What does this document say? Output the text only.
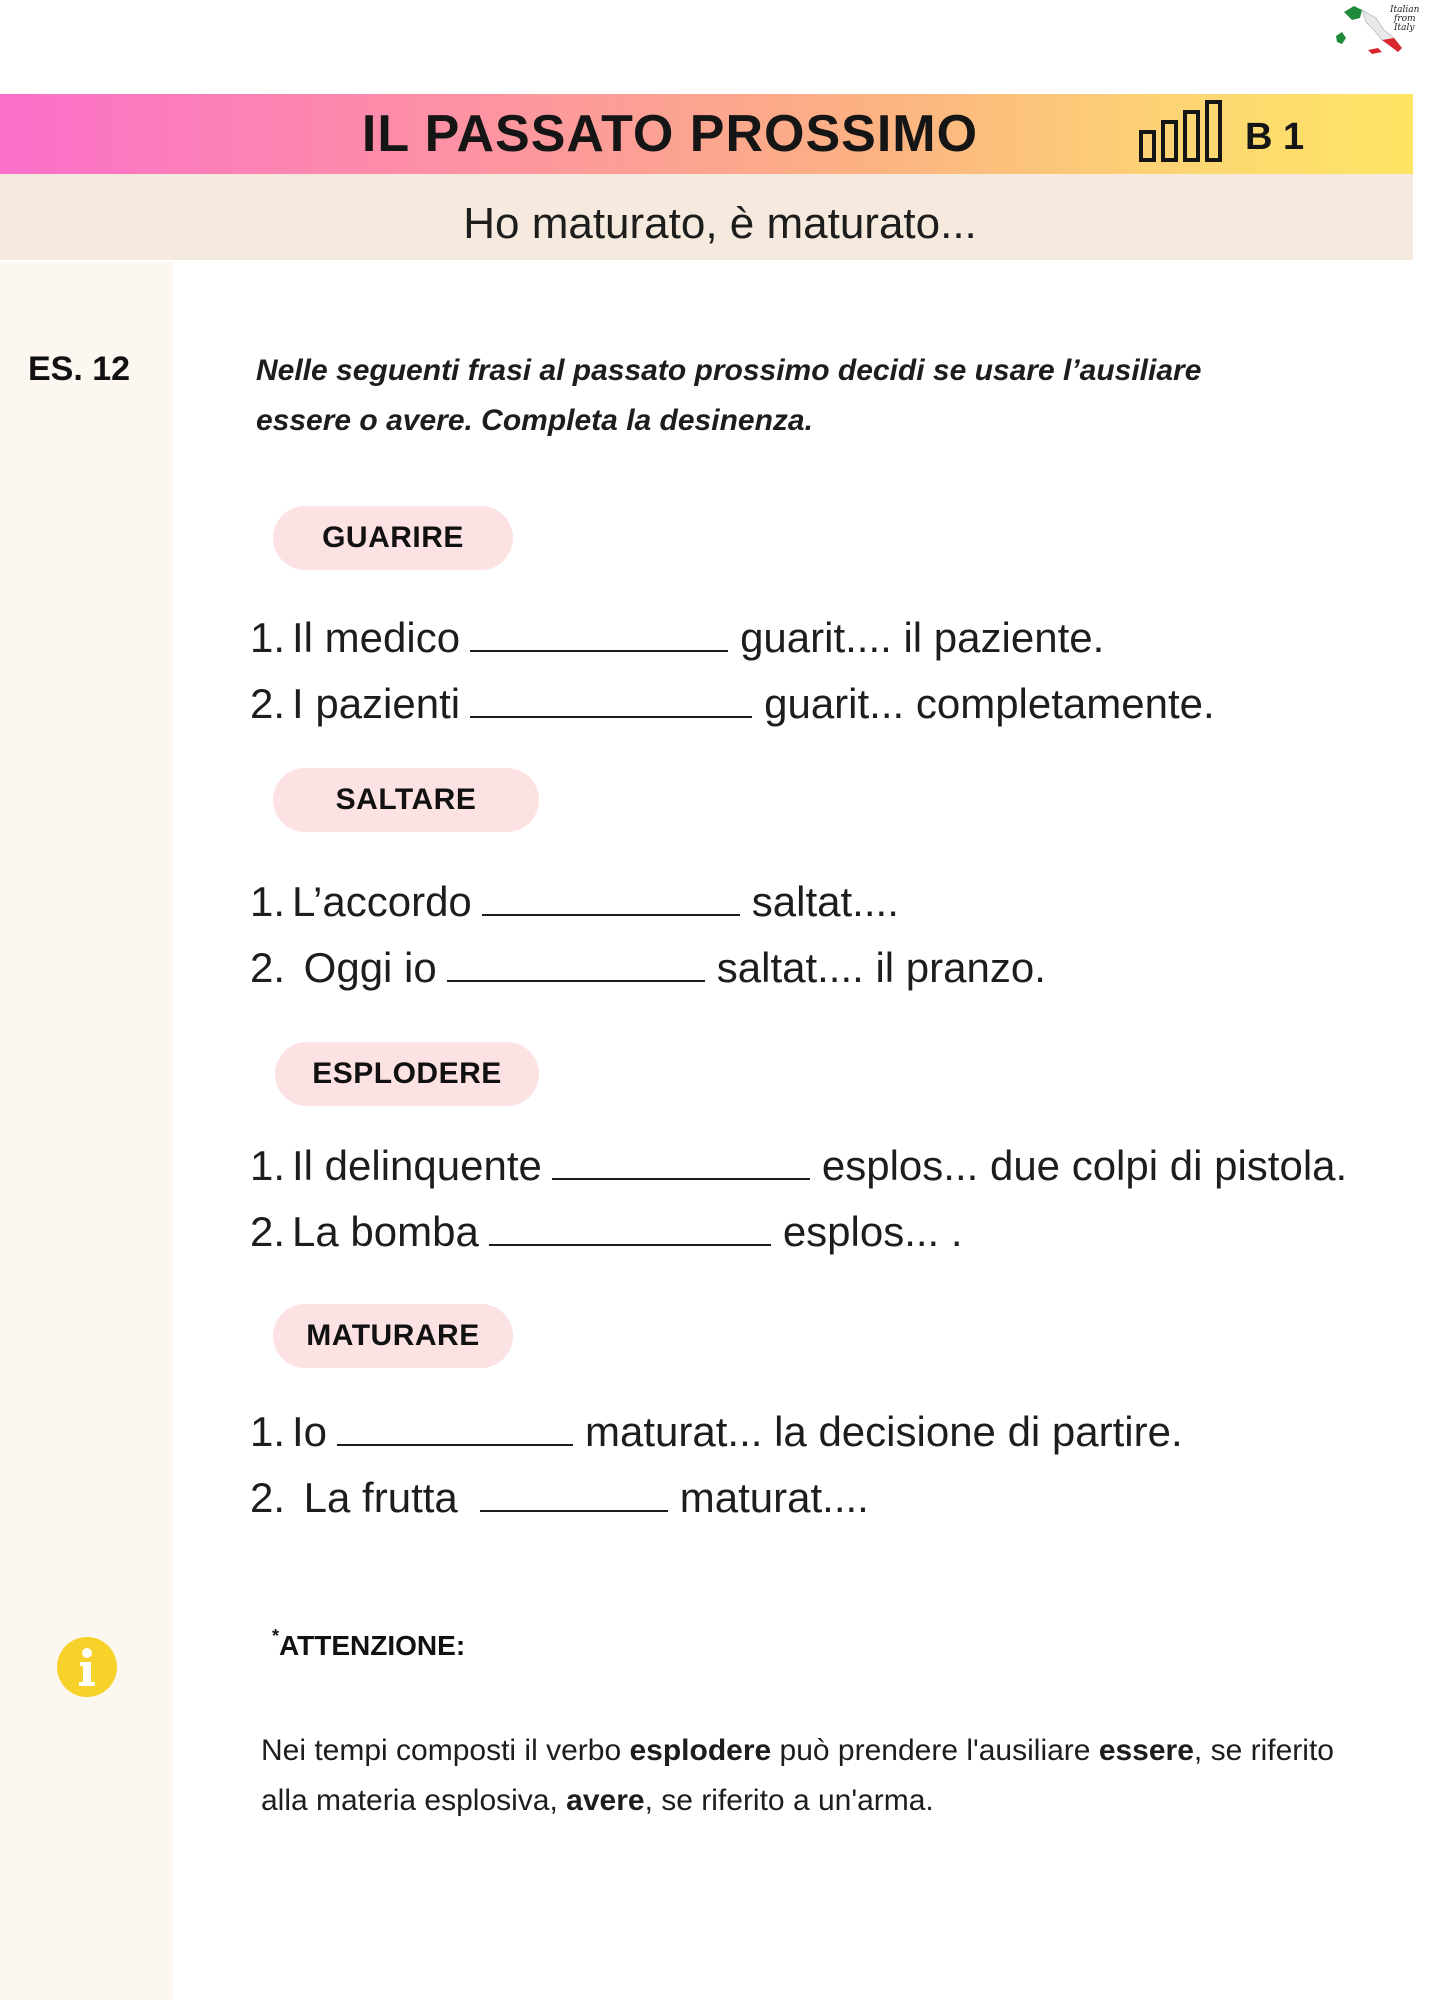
Italian
from
Italy
IL PASSATO PROSSIMO	B 1
Ho maturato, è maturato...
ES. 12	Nelle seguenti frasi al passato prossimo decidi se usare l’ausiliare
essere o avere. Completa la desinenza.
GUARIRE
1. Il medico	guarit.... il paziente.
2. I pazienti	guarit... completamente.
SALTARE
1. L’accordo	saltat....
2. Oggi io	saltat.... il pranzo.
ESPLODERE
1. Il delinquente	esplos... due colpi di pistola.
2. La bomba	esplos... .
MATURARE
1. Io	maturat... la decisione di partire.
2. La frutta	maturat....
*ATTENZIONE:
Nei tempi composti il verbo esplodere può prendere l'ausiliare essere, se riferito alla materia esplosiva, avere, se riferito a un'arma.
